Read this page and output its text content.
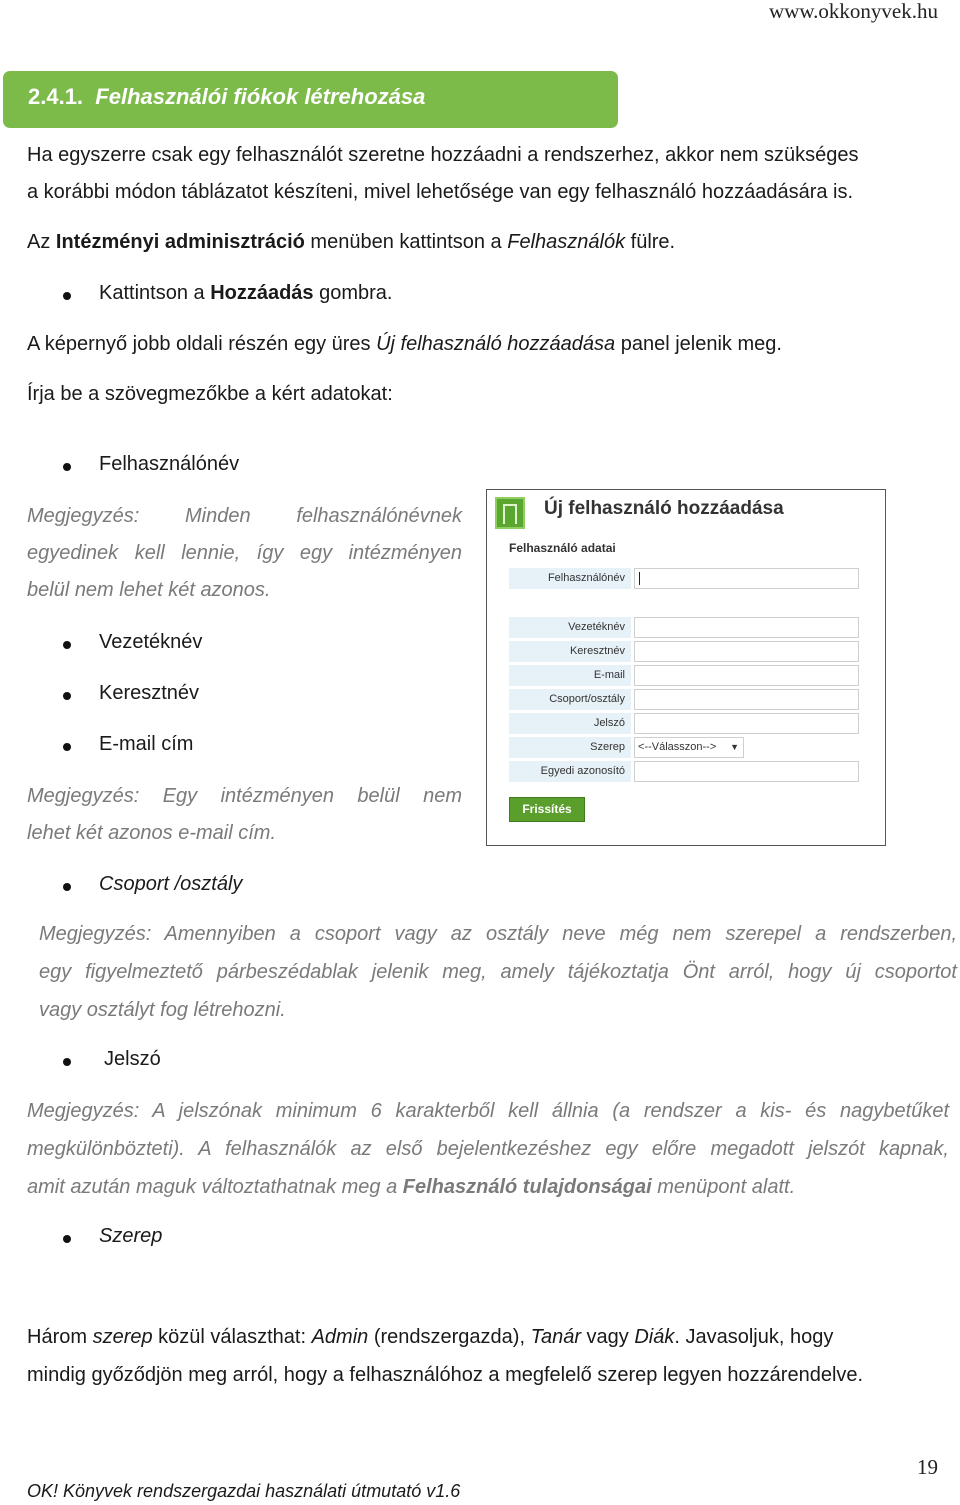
www.okkonyvek.hu
2.4.1. Felhasználói fiókok létrehozása
Ha egyszerre csak egy felhasználót szeretne hozzáadni a rendszerhez, akkor nem szükséges
a korábbi módon táblázatot készíteni, mivel lehetősége van egy felhasználó hozzáadására is.
Az Intézményi adminisztráció menüben kattintson a Felhasználók fülre.
Kattintson a Hozzáadás gombra.
A képernyő jobb oldali részén egy üres Új felhasználó hozzáadása panel jelenik meg.
Írja be a szövegmezőkbe a kért adatokat:
Felhasználónév
Megjegyzés: Minden felhasználónévnek
egyedinek kell lennie, így egy intézményen
belül nem lehet két azonos.
Vezetéknév
Keresztnév
E-mail cím
Megjegyzés: Egy intézményen belül nem
lehet két azonos e-mail cím.
Új felhasználó hozzáadása
Felhasználó adatai
Felhasználónév
Vezetéknév
Keresztnév
E-mail
Csoport/osztály
Jelszó
Szerep	<--Válasszon--> ▼
Egyedi azonosító
Frissítés
Csoport /osztály
Megjegyzés: Amennyiben a csoport vagy az osztály neve még nem szerepel a rendszerben,
egy figyelmeztető párbeszédablak jelenik meg, amely tájékoztatja Önt arról, hogy új csoportot
vagy osztályt fog létrehozni.
Jelszó
Megjegyzés: A jelszónak minimum 6 karakterből kell állnia (a rendszer a kis- és nagybetűket
megkülönbözteti). A felhasználók az első bejelentkezéshez egy előre megadott jelszót kapnak,
amit azután maguk változtathatnak meg a Felhasználó tulajdonságai menüpont alatt.
Szerep
Három szerep közül választhat: Admin (rendszergazda), Tanár vagy Diák. Javasoljuk, hogy
mindig győződjön meg arról, hogy a felhasználóhoz a megfelelő szerep legyen hozzárendelve.
19
OK! Könyvek rendszergazdai használati útmutató v1.6
